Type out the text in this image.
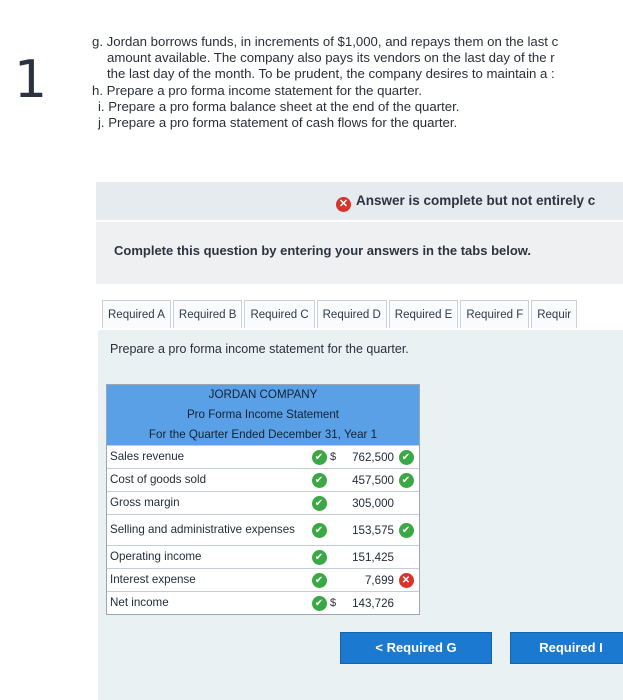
1
g. Jordan borrows funds, in increments of $1,000, and repays them on the last c
amount available. The company also pays its vendors on the last day of the r
the last day of the month. To be prudent, the company desires to maintain a :
h. Prepare a pro forma income statement for the quarter.
i. Prepare a pro forma balance sheet at the end of the quarter.
j. Prepare a pro forma statement of cash flows for the quarter.
✕ Answer is complete but not entirely c
Complete this question by entering your answers in the tabs below.
Required A	Required B	Required C	Required D	Required E	Required F	Requir
Prepare a pro forma income statement for the quarter.
JORDAN COMPANY
Pro Forma Income Statement
For the Quarter Ended December 31, Year 1
Sales revenue	✔ $	762,500 ✔
Cost of goods sold	✔	457,500 ✔
Gross margin	✔	305,000
Selling and administrative expenses	✔	153,575 ✔
Operating income	✔	151,425
Interest expense	✔	7,699 ✕
Net income	✔ $	143,726
< Required G	Required I
